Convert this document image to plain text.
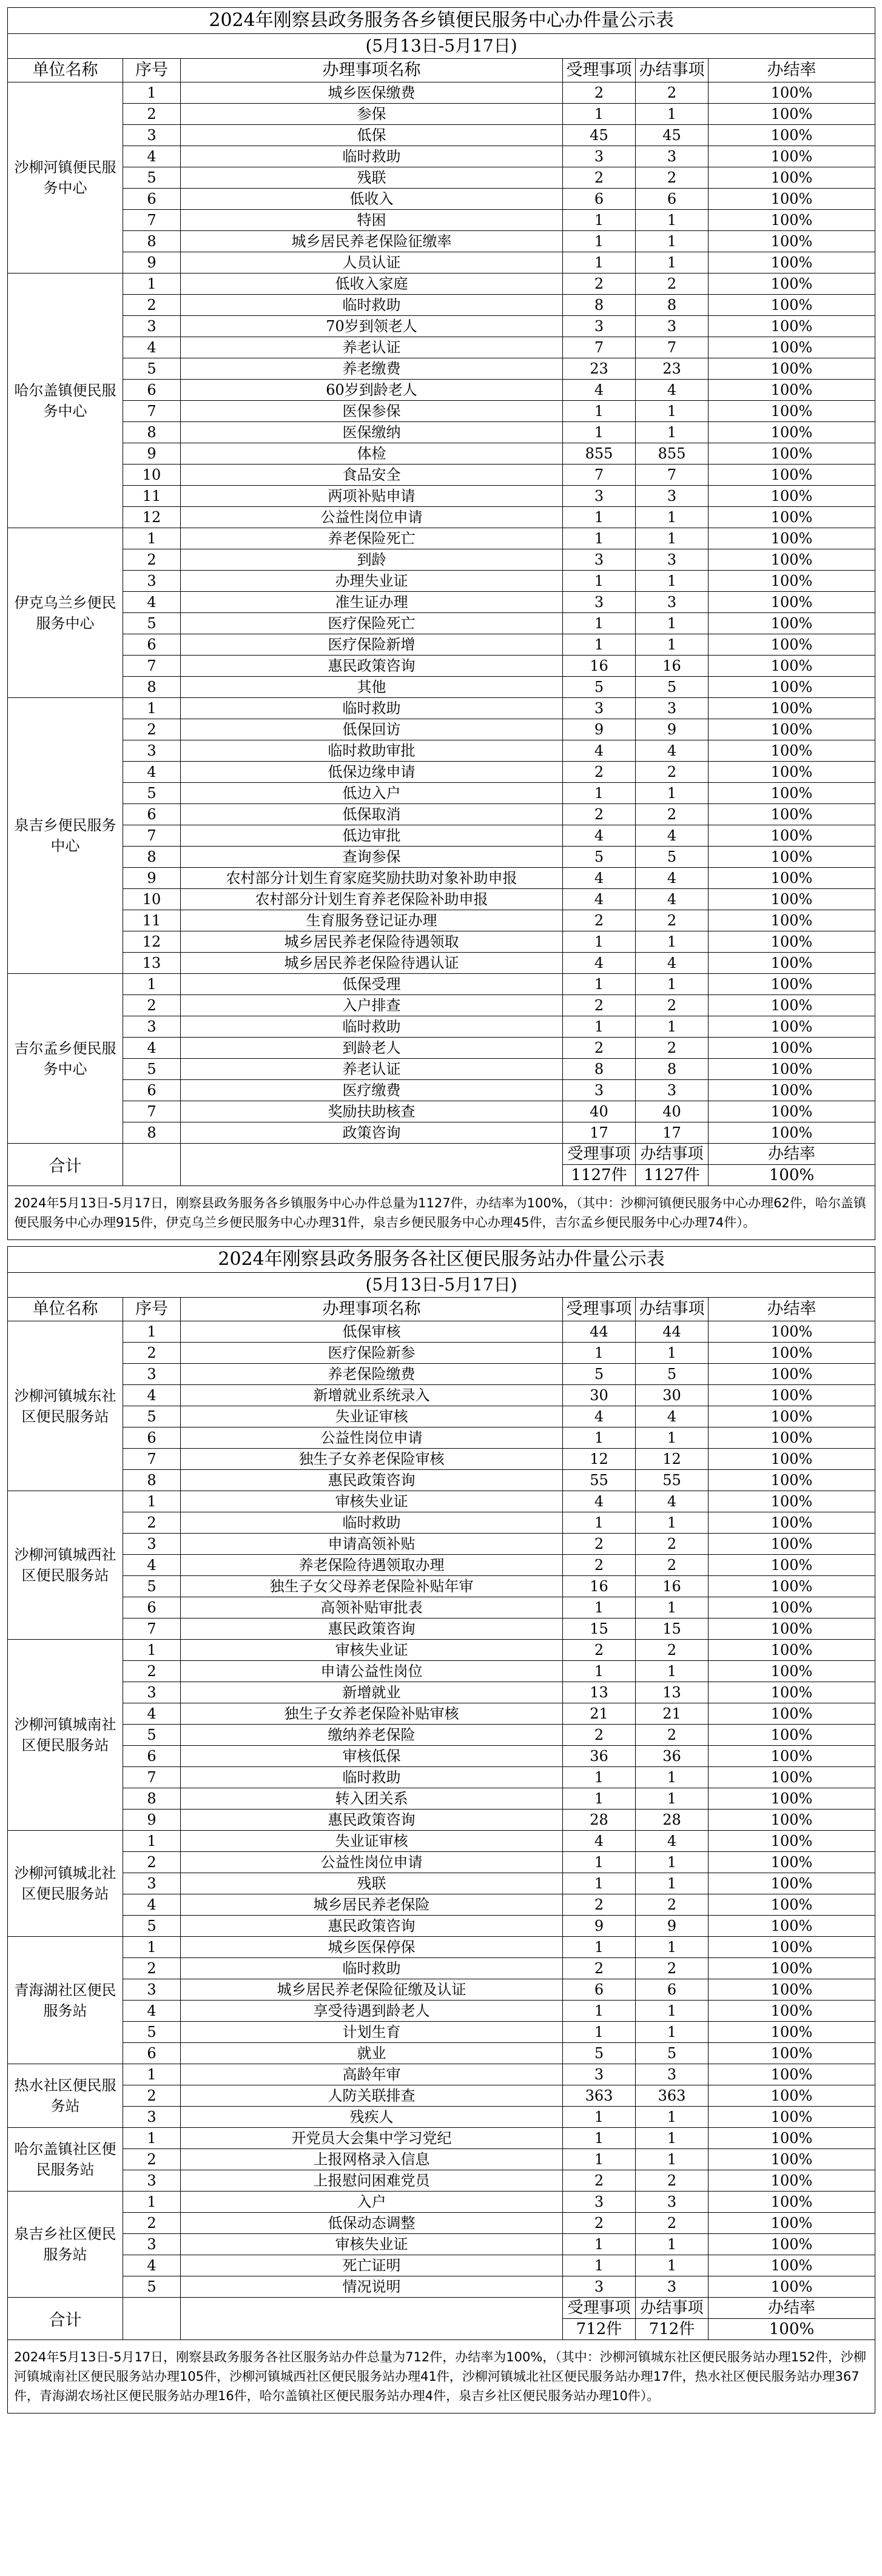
2024年刚察县政务服务各乡镇便民服务中心办件量公示表					
(5月13日-5月17日)					
单位名称	序号	办理事项名称	受理事项	办结事项	办结率
沙柳河镇便民服务中心	1	城乡医保缴费	2	2	100%
	2	参保	1	1	100%
	3	低保	45	45	100%
	4	临时救助	3	3	100%
	5	残联	2	2	100%
	6	低收入	6	6	100%
	7	特困	1	1	100%
	8	城乡居民养老保险征缴率	1	1	100%
	9	人员认证	1	1	100%
哈尔盖镇便民服务中心	1	低收入家庭	2	2	100%
	2	临时救助	8	8	100%
	3	70岁到领老人	3	3	100%
	4	养老认证	7	7	100%
	5	养老缴费	23	23	100%
	6	60岁到龄老人	4	4	100%
	7	医保参保	1	1	100%
	8	医保缴纳	1	1	100%
	9	体检	855	855	100%
	10	食品安全	7	7	100%
	11	两项补贴申请	3	3	100%
	12	公益性岗位申请	1	1	100%
伊克乌兰乡便民服务中心	1	养老保险死亡	1	1	100%
	2	到龄	3	3	100%
	3	办理失业证	1	1	100%
	4	准生证办理	3	3	100%
	5	医疗保险死亡	1	1	100%
	6	医疗保险新增	1	1	100%
	7	惠民政策咨询	16	16	100%
	8	其他	5	5	100%
泉吉乡便民服务中心	1	临时救助	3	3	100%
	2	低保回访	9	9	100%
	3	临时救助审批	4	4	100%
	4	低保边缘申请	2	2	100%
	5	低边入户	1	1	100%
	6	低保取消	2	2	100%
	7	低边审批	4	4	100%
	8	查询参保	5	5	100%
	9	农村部分计划生育家庭奖励扶助对象补助申报	4	4	100%
	10	农村部分计划生育养老保险补助申报	4	4	100%
	11	生育服务登记证办理	2	2	100%
	12	城乡居民养老保险待遇领取	1	1	100%
	13	城乡居民养老保险待遇认证	4	4	100%
吉尔孟乡便民服务中心	1	低保受理	1	1	100%
	2	入户排查	2	2	100%
	3	临时救助	1	1	100%
	4	到龄老人	2	2	100%
	5	养老认证	8	8	100%
	6	医疗缴费	3	3	100%
	7	奖励扶助核查	40	40	100%
	8	政策咨询	17	17	100%
合计			受理事项	办结事项	办结率
			1127件	1127件	100%
2024年5月13日-5月17日，刚察县政务服务各乡镇服务中心办件总量为1127件，办结率为100%，（其中：沙柳河镇便民服务中心办理62件，哈尔盖镇便民服务中心办理915件，伊克乌兰乡便民服务中心办理31件，泉吉乡便民服务中心办理45件，吉尔孟乡便民服务中心办理74件）。					
2024年刚察县政务服务各社区便民服务站办件量公示表					
(5月13日-5月17日)					
单位名称	序号	办理事项名称	受理事项	办结事项	办结率
沙柳河镇城东社区便民服务站	1	低保审核	44	44	100%
	2	医疗保险新参	1	1	100%
	3	养老保险缴费	5	5	100%
	4	新增就业系统录入	30	30	100%
	5	失业证审核	4	4	100%
	6	公益性岗位申请	1	1	100%
	7	独生子女养老保险审核	12	12	100%
	8	惠民政策咨询	55	55	100%
沙柳河镇城西社区便民服务站	1	审核失业证	4	4	100%
	2	临时救助	1	1	100%
	3	申请高领补贴	2	2	100%
	4	养老保险待遇领取办理	2	2	100%
	5	独生子女父母养老保险补贴年审	16	16	100%
	6	高领补贴审批表	1	1	100%
	7	惠民政策咨询	15	15	100%
沙柳河镇城南社区便民服务站	1	审核失业证	2	2	100%
	2	申请公益性岗位	1	1	100%
	3	新增就业	13	13	100%
	4	独生子女养老保险补贴审核	21	21	100%
	5	缴纳养老保险	2	2	100%
	6	审核低保	36	36	100%
	7	临时救助	1	1	100%
	8	转入团关系	1	1	100%
	9	惠民政策咨询	28	28	100%
沙柳河镇城北社区便民服务站	1	失业证审核	4	4	100%
	2	公益性岗位申请	1	1	100%
	3	残联	1	1	100%
	4	城乡居民养老保险	2	2	100%
	5	惠民政策咨询	9	9	100%
青海湖社区便民服务站	1	城乡医保停保	1	1	100%
	2	临时救助	2	2	100%
	3	城乡居民养老保险征缴及认证	6	6	100%
	4	享受待遇到龄老人	1	1	100%
	5	计划生育	1	1	100%
	6	就业	5	5	100%
热水社区便民服务站	1	高龄年审	3	3	100%
	2	人防关联排查	363	363	100%
	3	残疾人	1	1	100%
哈尔盖镇社区便民服务站	1	开党员大会集中学习党纪	1	1	100%
	2	上报网格录入信息	1	1	100%
	3	上报慰问困难党员	2	2	100%
泉吉乡社区便民服务站	1	入户	3	3	100%
	2	低保动态调整	2	2	100%
	3	审核失业证	1	1	100%
	4	死亡证明	1	1	100%
	5	情况说明	3	3	100%
合计			受理事项	办结事项	办结率
			712件	712件	100%
2024年5月13日-5月17日，刚察县政务服务各社区服务站办件总量为712件，办结率为100%，（其中：沙柳河镇城东社区便民服务站办理152件，沙柳河镇城南社区便民服务站办理105件，沙柳河镇城西社区便民服务站办理41件，沙柳河镇城北社区便民服务站办理17件，热水社区便民服务站办理367件，青海湖农场社区便民服务站办理16件，哈尔盖镇社区便民服务站办理4件，泉吉乡社区便民服务站办理10件）。					
